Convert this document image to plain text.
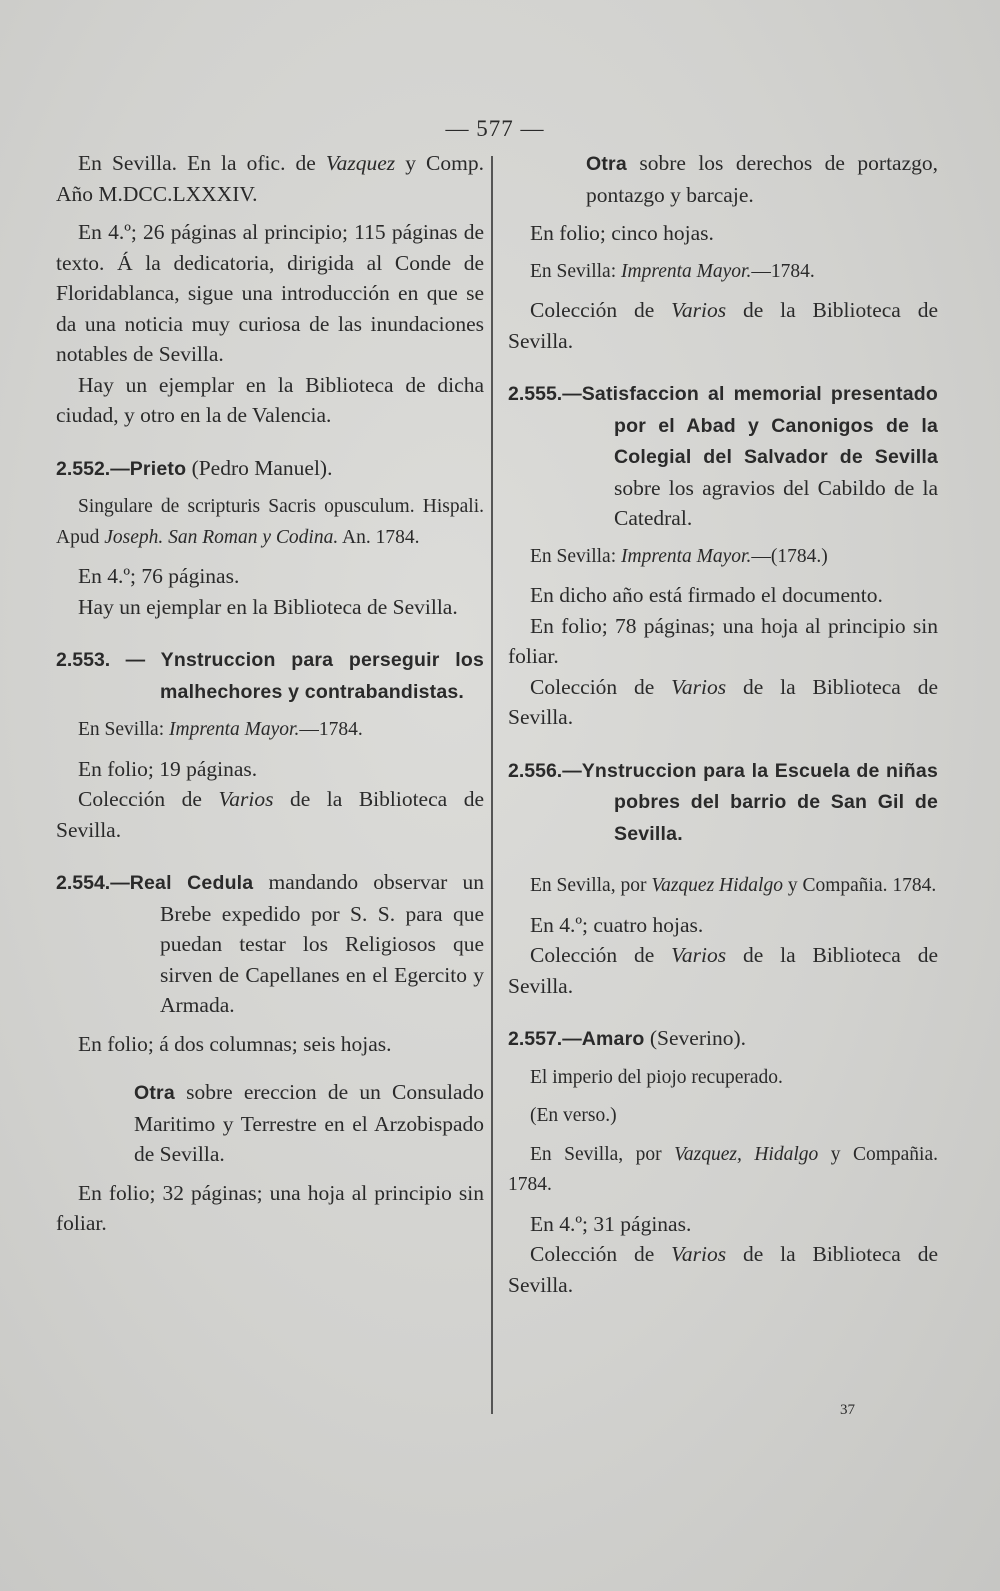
— 577 —

En Sevilla. En la ofic. de Vazquez y Comp. Año M.DCC.LXXXIV.

En 4.º; 26 páginas al principio; 115 páginas de texto. Á la dedicatoria, dirigida al Conde de Floridablanca, sigue una introducción en que se da una noticia muy curiosa de las inundaciones notables de Sevilla.

Hay un ejemplar en la Biblioteca de dicha ciudad, y otro en la de Valencia.

2.552.—Prieto (Pedro Manuel).

Singulare de scripturis Sacris opusculum. Hispali. Apud Joseph. San Roman y Codina. An. 1784.

En 4.º; 76 páginas.

Hay un ejemplar en la Biblioteca de Sevilla.

2.553. — Ynstruccion para perseguir los malhechores y contrabandistas.

En Sevilla: Imprenta Mayor.—1784.

En folio; 19 páginas.

Colección de Varios de la Biblioteca de Sevilla.

2.554.—Real Cedula mandando observar un Brebe expedido por S. S. para que puedan testar los Religiosos que sirven de Capellanes en el Egercito y Armada.

En folio; á dos columnas; seis hojas.

Otra sobre ereccion de un Consulado Maritimo y Terrestre en el Arzobispado de Sevilla.

En folio; 32 páginas; una hoja al principio sin foliar.

Otra sobre los derechos de portazgo, pontazgo y barcaje.

En folio; cinco hojas.

En Sevilla: Imprenta Mayor.—1784.

Colección de Varios de la Biblioteca de Sevilla.

2.555.—Satisfaccion al memorial presentado por el Abad y Canonigos de la Colegial del Salvador de Sevilla sobre los agravios del Cabildo de la Catedral.

En Sevilla: Imprenta Mayor.—(1784.)

En dicho año está firmado el documento.

En folio; 78 páginas; una hoja al principio sin foliar.

Colección de Varios de la Biblioteca de Sevilla.

2.556.—Ynstruccion para la Escuela de niñas pobres del barrio de San Gil de Sevilla.

En Sevilla, por Vazquez Hidalgo y Compañia. 1784.

En 4.º; cuatro hojas.

Colección de Varios de la Biblioteca de Sevilla.

2.557.—Amaro (Severino).

El imperio del piojo recuperado.

(En verso.)

En Sevilla, por Vazquez, Hidalgo y Compañia. 1784.

En 4.º; 31 páginas.

Colección de Varios de la Biblioteca de Sevilla.

37
